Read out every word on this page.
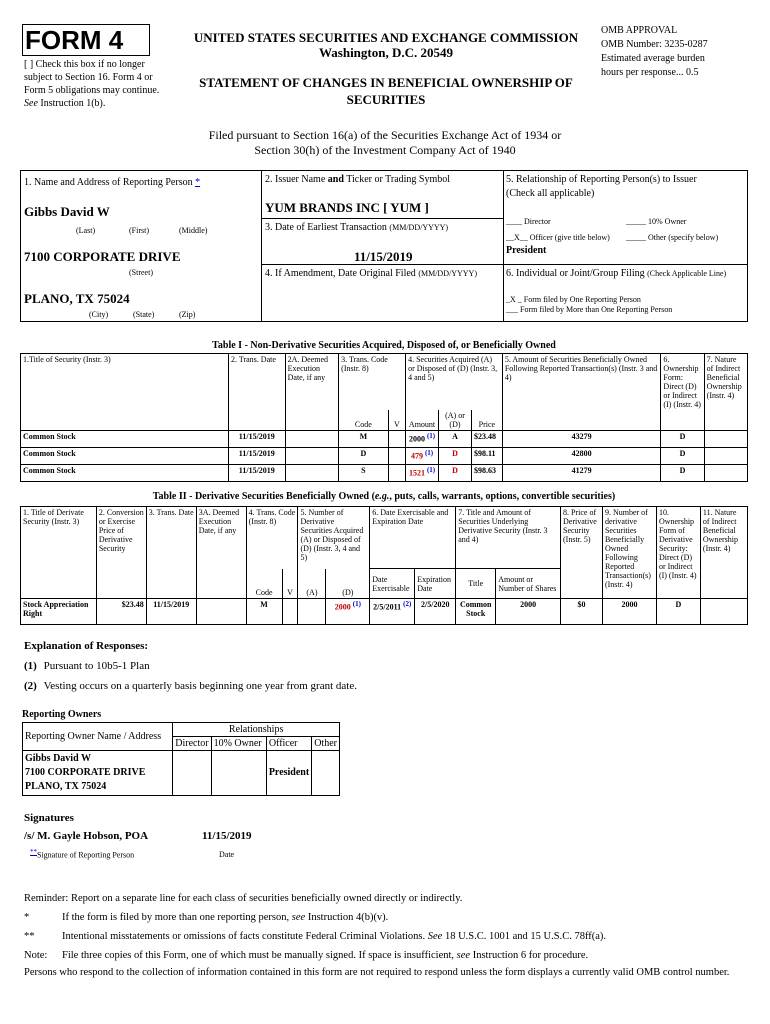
FORM 4
[ ] Check this box if no longer subject to Section 16. Form 4 or Form 5 obligations may continue. See Instruction 1(b).
UNITED STATES SECURITIES AND EXCHANGE COMMISSION
Washington, D.C. 20549
STATEMENT OF CHANGES IN BENEFICIAL OWNERSHIP OF SECURITIES
OMB APPROVAL
OMB Number: 3235-0287
Estimated average burden
hours per response... 0.5
Filed pursuant to Section 16(a) of the Securities Exchange Act of 1934 or
Section 30(h) of the Investment Company Act of 1940
1. Name and Address of Reporting Person *
Gibbs David W
(Last)	(First)	(Middle)
7100 CORPORATE DRIVE
(Street)
PLANO, TX 75024
(City)	(State)	(Zip)
2. Issuer Name and Ticker or Trading Symbol
YUM BRANDS INC [ YUM ]
3. Date of Earliest Transaction (MM/DD/YYYY)
11/15/2019
4. If Amendment, Date Original Filed (MM/DD/YYYY)
5. Relationship of Reporting Person(s) to Issuer
(Check all applicable)
____ Director	_____ 10% Owner
__X__ Officer (give title below) _____ Other (specify below)
President
6. Individual or Joint/Group Filing (Check Applicable Line)
_X _ Form filed by One Reporting Person
___ Form filed by More than One Reporting Person
Table I - Non-Derivative Securities Acquired, Disposed of, or Beneficially Owned
1.Title of Security (Instr. 3)	2. Trans. Date	2A. Deemed Execution Date, if any	3. Trans. Code (Instr. 8)		4. Securities Acquired (A) or Disposed of (D) (Instr. 3, 4 and 5)			5. Amount of Securities Beneficially Owned Following Reported Transaction(s) (Instr. 3 and 4)	6. Ownership Form: Direct (D) or Indirect (I) (Instr. 4)	7. Nature of Indirect Beneficial Ownership (Instr. 4)
			Code	V	Amount	(A) or (D)	Price			
Common Stock	11/15/2019		M		2000 $^{(1)}$	A	$23.48	43279	D	
Common Stock	11/15/2019		D		479 $^{(1)}$	D	$98.11	42800	D	
Common Stock	11/15/2019		S		1521 $^{(1)}$	D	$98.63	41279	D	
Table II - Derivative Securities Beneficially Owned (e.g., puts, calls, warrants, options, convertible securities)
1. Title of Derivate Security (Instr. 3)	2. Conversion or Exercise Price of Derivative Security	3. Trans. Date	3A. Deemed Execution Date, if any	4. Trans. Code (Instr. 8)		5. Number of Derivative Securities Acquired (A) or Disposed of (D) (Instr. 3, 4 and 5)		6. Date Exercisable and Expiration Date		7. Title and Amount of Securities Underlying Derivative Security (Instr. 3 and 4)		8. Price of Derivative Security (Instr. 5)	9. Number of derivative Securities Beneficially Owned Following Reported Transaction(s) (Instr. 4)	10. Ownership Form of Derivative Security: Direct (D) or Indirect (I) (Instr. 4)	11. Nature of Indirect Beneficial Ownership (Instr. 4)
				Code	V	(A)	(D)	Date Exercisable	Expiration Date	Title	Amount or Number of Shares				
Stock Appreciation Right	$23.48	11/15/2019		M			2000 $^{(1)}$	2/5/2011 $^{(2)}$	2/5/2020	Common Stock	2000	$0	2000	D	
Explanation of Responses:
(1) Pursuant to 10b5-1 Plan
(2) Vesting occurs on a quarterly basis beginning one year from grant date.
Reporting Owners
Reporting Owner Name / Address	Relationships			
	Director	10% Owner	Officer	Other

Gibbs David W
7100 CORPORATE DRIVE
PLANO, TX 75024			President	
Signatures
/s/ M. Gayle Hobson, POA	11/15/2019
**Signature of Reporting Person	Date
Reminder: Report on a separate line for each class of securities beneficially owned directly or indirectly.
*	If the form is filed by more than one reporting person, see Instruction 4(b)(v).
**	Intentional misstatements or omissions of facts constitute Federal Criminal Violations. See 18 U.S.C. 1001 and 15 U.S.C. 78ff(a).
Note:	File three copies of this Form, one of which must be manually signed. If space is insufficient, see Instruction 6 for procedure.
Persons who respond to the collection of information contained in this form are not required to respond unless the form displays a currently valid OMB control number.
